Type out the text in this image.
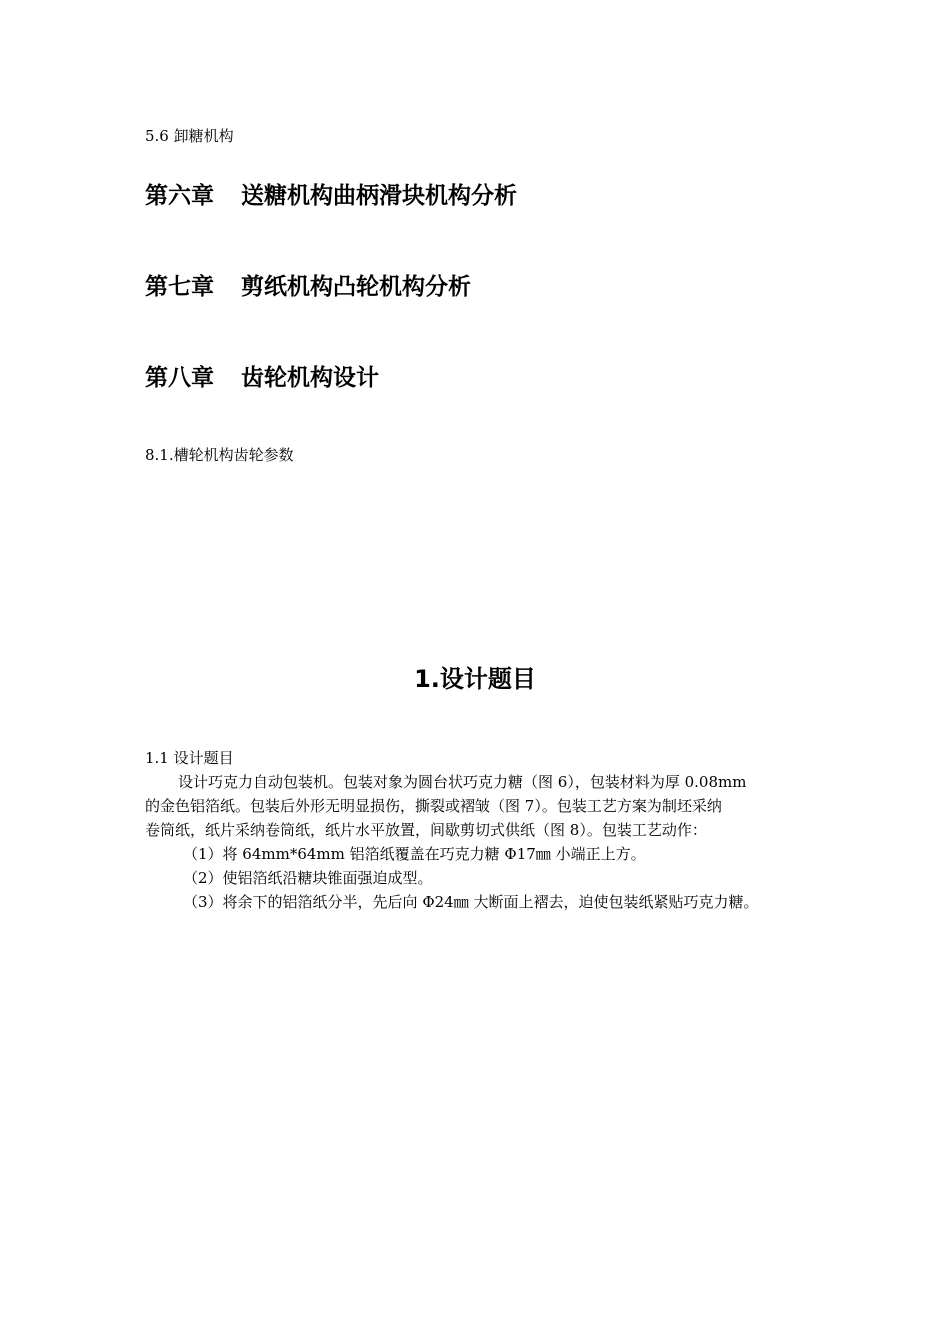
5.6 卸糖机构
第六章 送糖机构曲柄滑块机构分析
第七章 剪纸机构凸轮机构分析
第八章 齿轮机构设计
8.1.槽轮机构齿轮参数
1.设计题目
1.1 设计题目

设计巧克力自动包装机。包装对象为圆台状巧克力糖（图 6），包装材料为厚 0.08mm

的金色铝箔纸。包装后外形无明显损伤，撕裂或褶皱（图 7）。包装工艺方案为制坯采纳

卷筒纸，纸片采纳卷筒纸，纸片水平放置，间歇剪切式供纸（图 8）。包装工艺动作：

（1）将 64mm*64mm 铝箔纸覆盖在巧克力糖 Φ17㎜ 小端正上方。

（2）使铝箔纸沿糖块锥面强迫成型。

（3）将余下的铝箔纸分半，先后向 Φ24㎜ 大断面上褶去，迫使包装纸紧贴巧克力糖。
